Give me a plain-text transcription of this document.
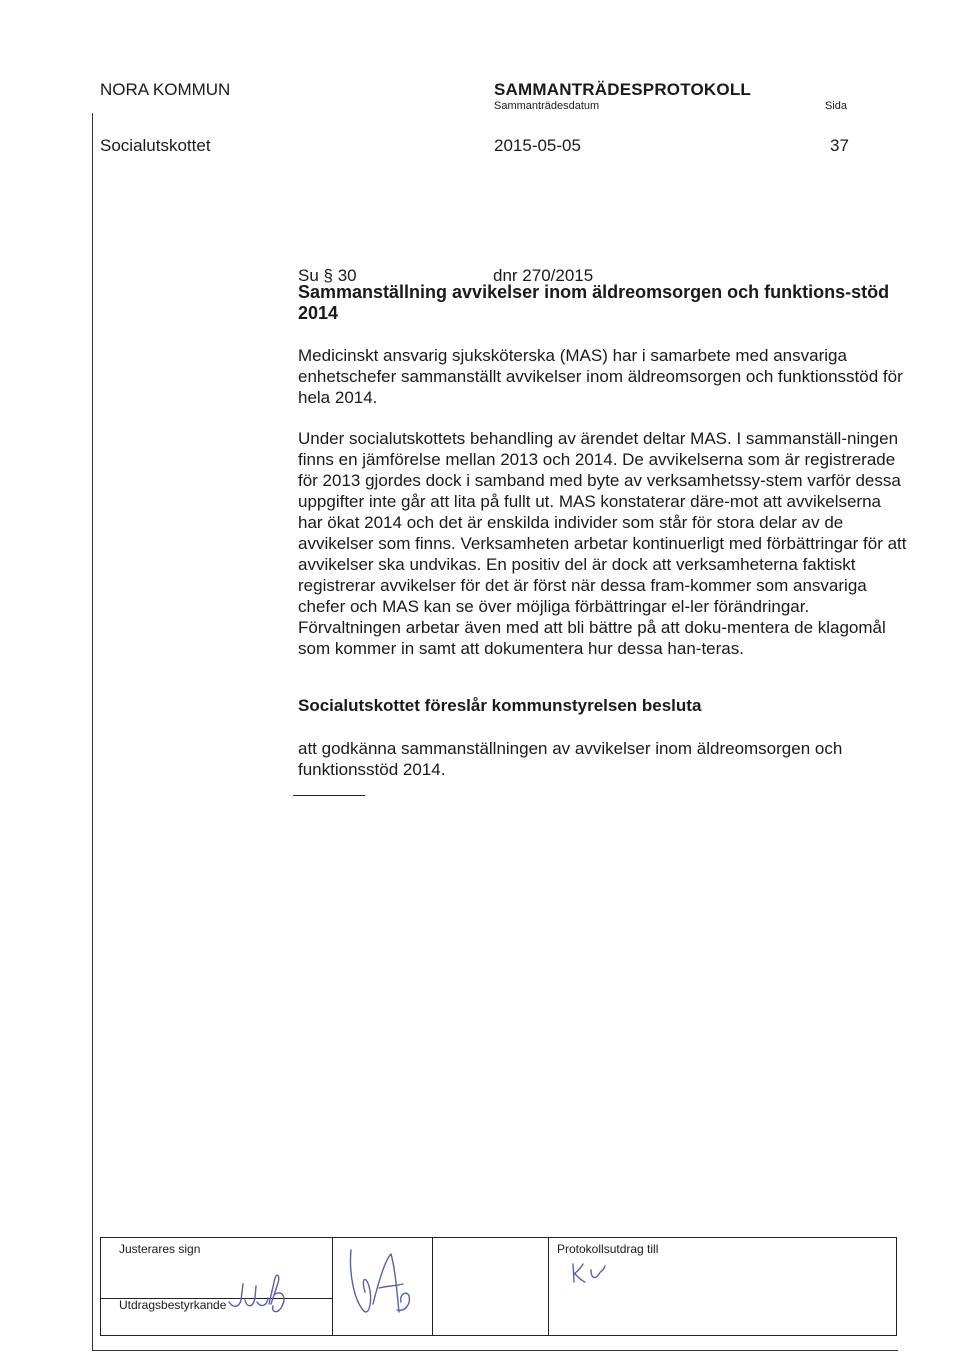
NORA KOMMUN	SAMMANTRÄDESPROTOKOLL
Sammanträdesdatum	Sida
Socialutskottet	2015-05-05	37
Su § 30	dnr 270/2015
Sammanställning avvikelser inom äldreomsorgen och funktions-stöd 2014
Medicinskt ansvarig sjuksköterska (MAS) har i samarbete med ansvariga enhetschefer sammanställt avvikelser inom äldreomsorgen och funktionsstöd för hela 2014.
Under socialutskottets behandling av ärendet deltar MAS. I sammanställ-ningen finns en jämförelse mellan 2013 och 2014. De avvikelserna som är registrerade för 2013 gjordes dock i samband med byte av verksamhetssy-stem varför dessa uppgifter inte går att lita på fullt ut. MAS konstaterar däre-mot att avvikelserna har ökat 2014 och det är enskilda individer som står för stora delar av de avvikelser som finns. Verksamheten arbetar kontinuerligt med förbättringar för att avvikelser ska undvikas. En positiv del är dock att verksamheterna faktiskt registrerar avvikelser för det är först när dessa fram-kommer som ansvariga chefer och MAS kan se över möjliga förbättringar el-ler förändringar. Förvaltningen arbetar även med att bli bättre på att doku-mentera de klagomål som kommer in samt att dokumentera hur dessa han-teras.
Socialutskottet föreslår kommunstyrelsen besluta
att godkänna sammanställningen av avvikelser inom äldreomsorgen och funktionsstöd 2014.
Justerares sign
Utdragsbestyrkande
Protokollsutdrag till
